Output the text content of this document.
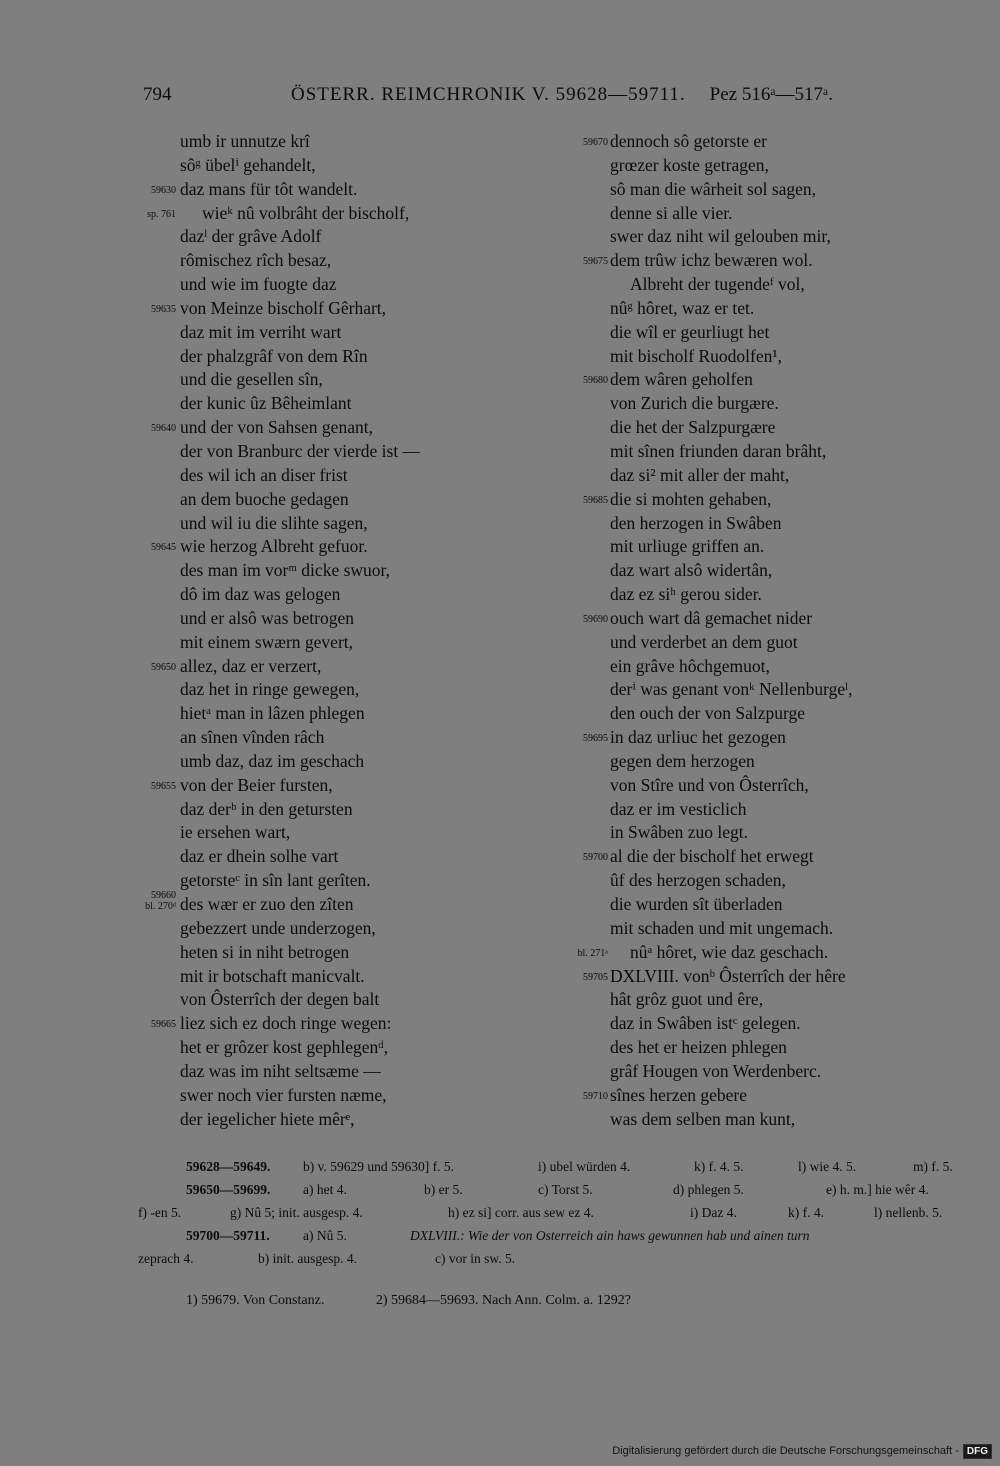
794	ÖSTERR. REIMCHRONIK V. 59628—59711. Pez 516ᵃ—517ᵃ.
umb ir unnutze krî
sôᵍ übelⁱ gehandelt,
59630 daz mans für tôt wandelt.
sp. 761 wieᵏ nû volbrâht der bischolf,
dazˡ der grâve Adolf
rômischez rîch besaz,
und wie im fuogte daz
59635 von Meinze bischolf Gêrhart,
daz mit im verriht wart
der phalzgrâf von dem Rîn
und die gesellen sîn,
der kunic ûz Bêheimlant
59640 und der von Sahsen genant,
der von Branburc der vierde ist —
des wil ich an diser frist
an dem buoche gedagen
und wil iu die slihte sagen,
59645 wie herzog Albreht gefuor.
des man im vorᵐ dicke swuor,
dô im daz was gelogen
und er alsô was betrogen
mit einem swærn gevert,
59650 allez, daz er verzert,
daz het in ringe gewegen,
hietᵃ man in lâzen phlegen
an sînen vînden râch
umb daz, daz im geschach
59655 von der Beier fursten,
daz derᵇ in den getursten
ie ersehen wart,
daz er dhein solhe vart
getorsteᶜ in sîn lant gerîten.
59660
bl. 270ᵈ des wær er zuo den zîten
gebezzert unde underzogen,
heten si in niht betrogen
mit ir botschaft manicvalt.
von Ôsterrîch der degen balt
59665 liez sich ez doch ringe wegen:
het er grôzer kost gephlegenᵈ,
daz was im niht seltsæme —
swer noch vier fursten næme,
der iegelicher hiete mêrᵉ,
59670 dennoch sô getorste er
grœzer koste getragen,
sô man die wârheit sol sagen,
denne si alle vier.
swer daz niht wil gelouben mir,
59675 dem trûw ichz bewæren wol.
Albreht der tugendeᶠ vol,
nûᵍ hôret, waz er tet.
die wîl er geurliugt het
mit bischolf Ruodolfen¹,
59680 dem wâren geholfen
von Zurich die burgære.
die het der Salzpurgære
mit sînen friunden daran brâht,
daz si² mit aller der maht,
59685 die si mohten gehaben,
den herzogen in Swâben
mit urliuge griffen an.
daz wart alsô widertân,
daz ez siʰ gerou sider.
59690 ouch wart dâ gemachet nider
und verderbet an dem guot
ein grâve hôchgemuot,
derⁱ was genant vonᵏ Nellenburgeˡ,
den ouch der von Salzpurge
59695 in daz urliuc het gezogen
gegen dem herzogen
von Stîre und von Ôsterrîch,
daz er im vesticlich
in Swâben zuo legt.
59700 al die der bischolf het erwegt
ûf des herzogen schaden,
die wurden sît überladen
mit schaden und mit ungemach.
bl. 271ᵃ nûᵃ hôret, wie daz geschach.
59705 DXLVIII. vonᵇ Ôsterrîch der hêre
hât grôz guot und êre,
daz in Swâben istᶜ gelegen.
des het er heizen phlegen
grâf Hougen von Werdenberc.
59710 sînes herzen gebere
was dem selben man kunt,
59628—59649. b) v. 59629 und 59630] f. 5.	i) ubel würden 4.	k) f. 4. 5.	l) wie 4. 5.	m) f. 5.
59650—59699. a) het 4.	b) er 5.	c) Torst 5.	d) phlegen 5.	e) h. m.] hie wêr 4.
f) -en 5.	g) Nû 5; init. ausgesp. 4.	h) ez si] corr. aus sew ez 4.	i) Daz 4.	k) f. 4.	l) nellenb. 5.
59700—59711. a) Nû 5.	DXLVIII.: Wie der von Osterreich ain haws gewunnen hab und ainen turn
zeprach 4.	b) init. ausgesp. 4.	c) vor in sw. 5.
1) 59679. Von Constanz.	2) 59684—59693. Nach Ann. Colm. a. 1292?
Digitalisierung gefördert durch die Deutsche Forschungsgemeinschaft - DFG
